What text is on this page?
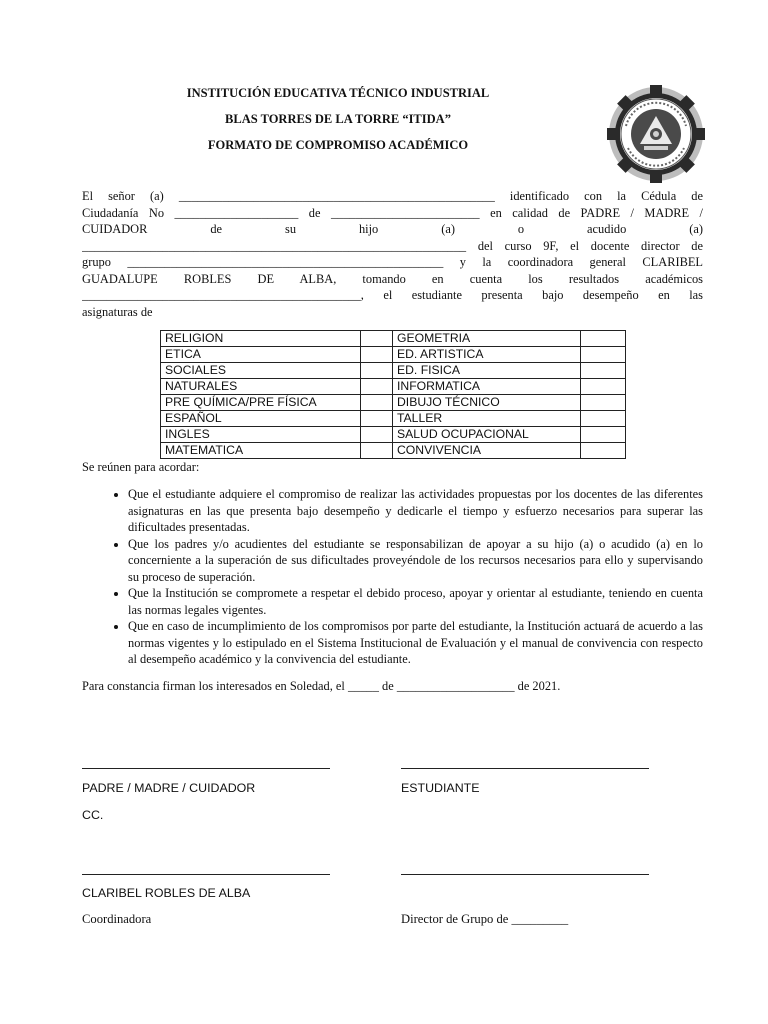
INSTITUCIÓN EDUCATIVA TÉCNICO INDUSTRIAL
BLAS TORRES DE LA TORRE “ITIDA”
FORMATO DE COMPROMISO ACADÉMICO
El señor (a) ___________________________________________________ identificado con la Cédula de
Ciudadanía No ____________________ de ________________________ en calidad de PADRE / MADRE /
CUIDADOR de su hijo (a) o acudido (a)
______________________________________________________________ del curso 9F, el docente director de
grupo ___________________________________________________ y la coordinadora general CLARIBEL
GUADALUPE ROBLES DE ALBA, tomando en cuenta los resultados académicos
_____________________________________________, el estudiante presenta bajo desempeño en las
asignaturas de
RELIGION		GEOMETRIA	
ETICA		ED. ARTISTICA	
SOCIALES		ED. FISICA	
NATURALES		INFORMATICA	
PRE QUÍMICA/PRE FÍSICA		DIBUJO TÉCNICO	
ESPAÑOL		TALLER	
INGLES		SALUD OCUPACIONAL	
MATEMATICA		CONVIVENCIA	
Se reúnen para acordar:
• Que el estudiante adquiere el compromiso de realizar las actividades propuestas por los docentes de las diferentes asignaturas en las que presenta bajo desempeño y dedicarle el tiempo y esfuerzo necesarios para superar las dificultades presentadas.
• Que los padres y/o acudientes del estudiante se responsabilizan de apoyar a su hijo (a) o acudido (a) en lo concerniente a la superación de sus dificultades proveyéndole de los recursos necesarios para ello y supervisando su proceso de superación.
• Que la Institución se compromete a respetar el debido proceso, apoyar y orientar al estudiante, teniendo en cuenta las normas legales vigentes.
• Que en caso de incumplimiento de los compromisos por parte del estudiante, la Institución actuará de acuerdo a las normas vigentes y lo estipulado en el Sistema Institucional de Evaluación y el manual de convivencia con respecto al desempeño académico y la convivencia del estudiante.
Para constancia firman los interesados en Soledad, el _____ de ___________________ de 2021.
PADRE / MADRE / CUIDADOR	ESTUDIANTE
CC.
CLARIBEL ROBLES DE ALBA
Coordinadora	Director de Grupo de _________
